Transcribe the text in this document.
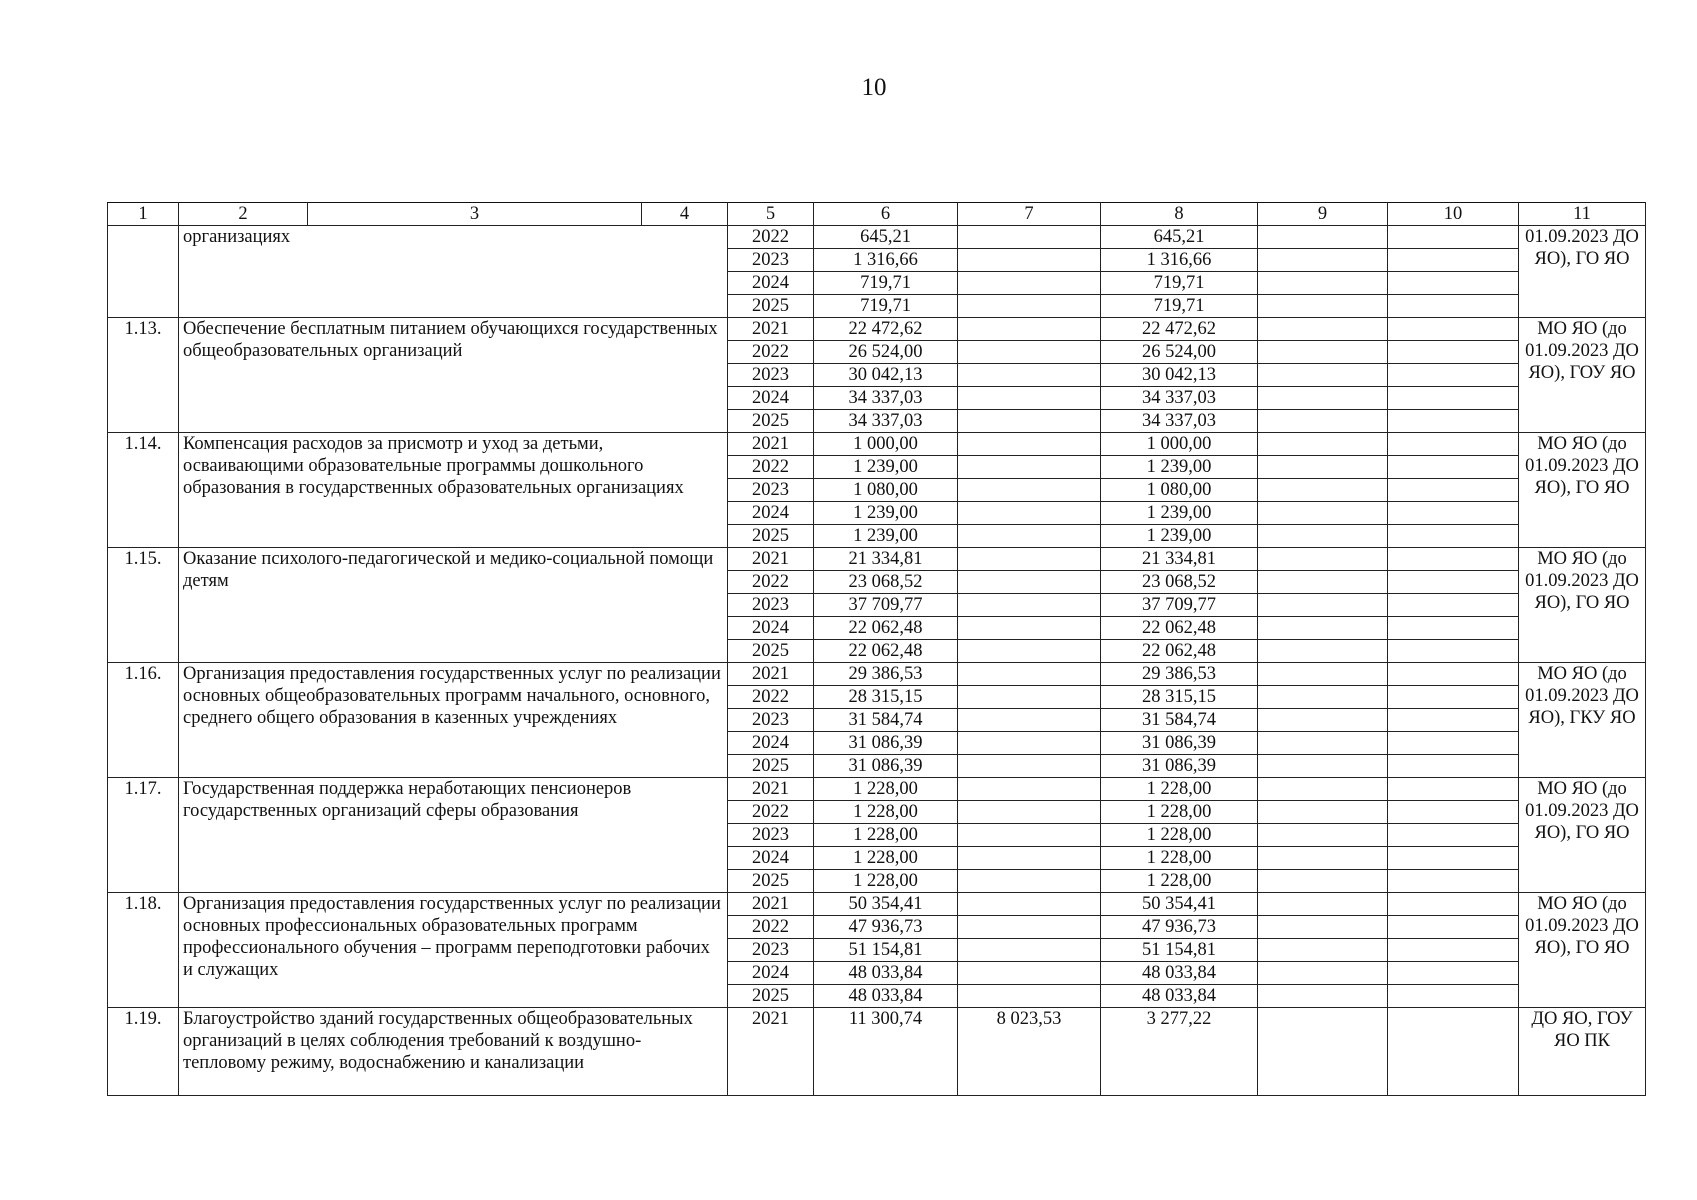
10
1	2	3	4	5	6	7	8	9	10	11
	организациях			2022	645,21		645,21			01.09.2023 ДО ЯО), ГО ЯО
				2023	1 316,66		1 316,66			
				2024	719,71		719,71			
				2025	719,71		719,71			
1.13.	Обеспечение бесплатным питанием обучающихся государственных общеобразовательных организаций			2021	22 472,62		22 472,62			МО ЯО (до 01.09.2023 ДО ЯО), ГОУ ЯО
				2022	26 524,00		26 524,00			
				2023	30 042,13		30 042,13			
				2024	34 337,03		34 337,03			
				2025	34 337,03		34 337,03			
1.14.	Компенсация расходов за присмотр и уход за детьми, осваивающими образовательные программы дошкольного образования в государственных образовательных организациях			2021	1 000,00		1 000,00			МО ЯО (до 01.09.2023 ДО ЯО), ГО ЯО
				2022	1 239,00		1 239,00			
				2023	1 080,00		1 080,00			
				2024	1 239,00		1 239,00			
				2025	1 239,00		1 239,00			
1.15.	Оказание психолого-педагогической и медико-социальной помощи детям			2021	21 334,81		21 334,81			МО ЯО (до 01.09.2023 ДО ЯО), ГО ЯО
				2022	23 068,52		23 068,52			
				2023	37 709,77		37 709,77			
				2024	22 062,48		22 062,48			
				2025	22 062,48		22 062,48			
1.16.	Организация предоставления государственных услуг по реализации основных общеобразовательных программ начального, основного, среднего общего образования в казенных учреждениях			2021	29 386,53		29 386,53			МО ЯО (до 01.09.2023 ДО ЯО), ГКУ ЯО
				2022	28 315,15		28 315,15			
				2023	31 584,74		31 584,74			
				2024	31 086,39		31 086,39			
				2025	31 086,39		31 086,39			
1.17.	Государственная поддержка неработающих пенсионеров государственных организаций сферы образования			2021	1 228,00		1 228,00			МО ЯО (до 01.09.2023 ДО ЯО), ГО ЯО
				2022	1 228,00		1 228,00			
				2023	1 228,00		1 228,00			
				2024	1 228,00		1 228,00			
				2025	1 228,00		1 228,00			
1.18.	Организация предоставления государственных услуг по реализации основных профессиональных образовательных программ профессионального обучения – программ переподготовки рабочих и служащих			2021	50 354,41		50 354,41			МО ЯО (до 01.09.2023 ДО ЯО), ГО ЯО
				2022	47 936,73		47 936,73			
				2023	51 154,81		51 154,81			
				2024	48 033,84		48 033,84			
				2025	48 033,84		48 033,84			
1.19.	Благоустройство зданий государственных общеобразовательных организаций в целях соблюдения требований к воздушно-тепловому режиму, водоснабжению и канализации			2021	11 300,74	8 023,53	3 277,22			ДО ЯО, ГОУ ЯО ПК
